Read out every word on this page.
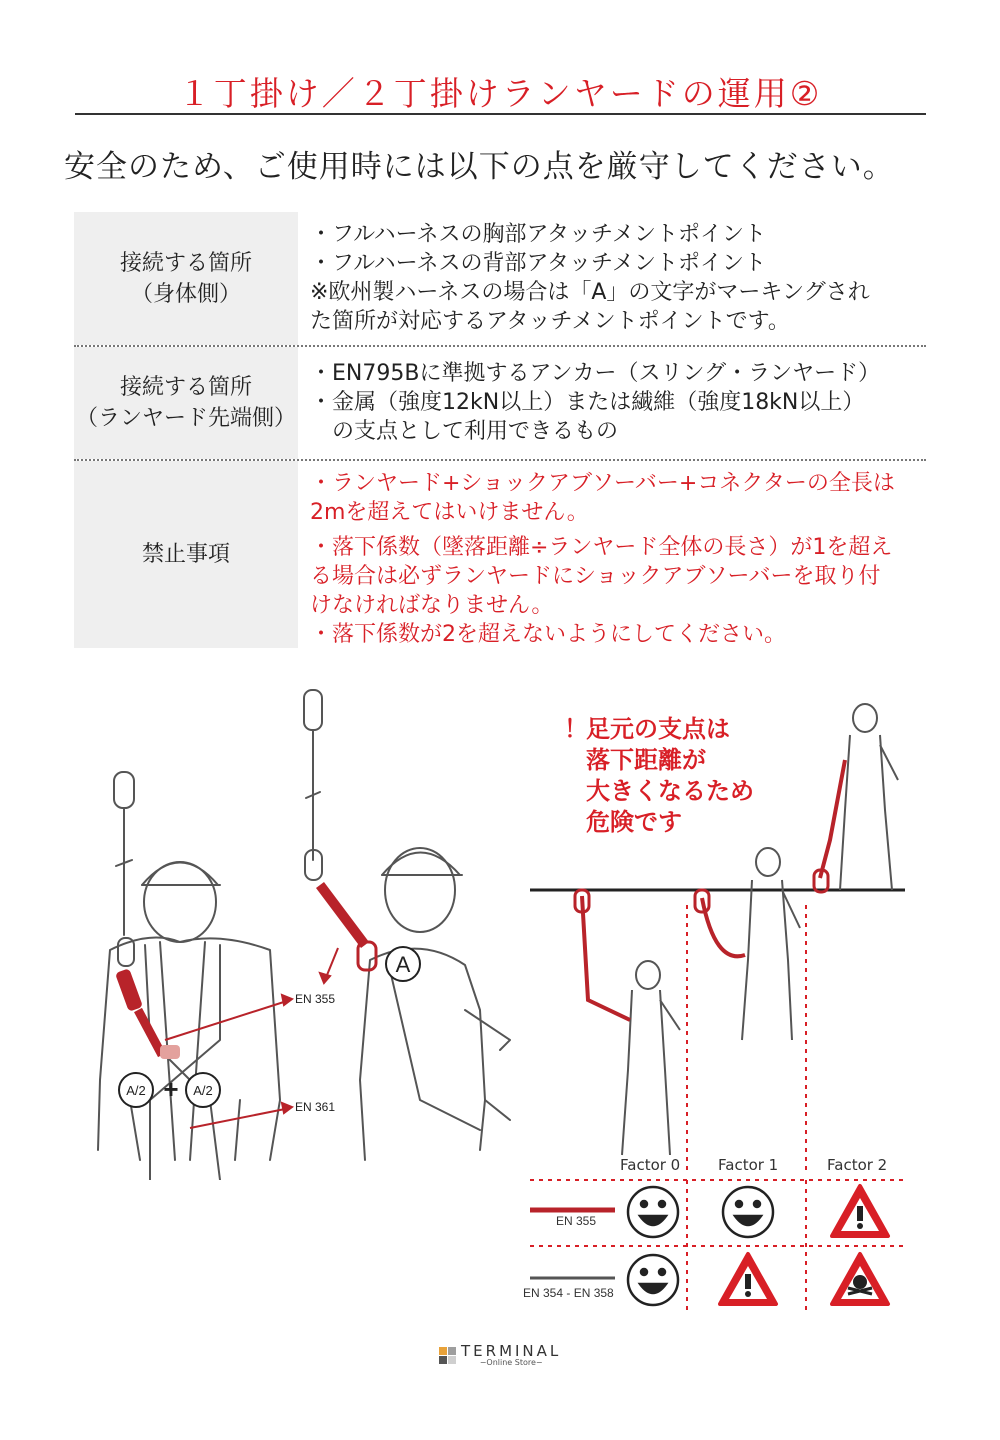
１丁掛け／２丁掛けランヤードの運用②
安全のため、ご使用時には以下の点を厳守してください。
接続する箇所
（身体側）
・フルハーネスの胸部アタッチメントポイント
・フルハーネスの背部アタッチメントポイント
※欧州製ハーネスの場合は「A」の文字がマーキングされ
た箇所が対応するアタッチメントポイントです。
接続する箇所
（ランヤード先端側）
・EN795Bに準拠するアンカー（スリング・ランヤード）
・金属（強度12kN以上）または繊維（強度18kN以上）
　の支点として利用できるもの
禁止事項
・ランヤード+ショックアブソーバー+コネクターの全長は
2mを超えてはいけません。
・落下係数（墜落距離÷ランヤード全体の長さ）が1を超え
る場合は必ずランヤードにショックアブソーバーを取り付
けなければなりません。
・落下係数が2を超えないようにしてください。
A
A/2 + A/2
EN 355
EN 361
！
足元の支点は
落下距離が
大きくなるため
危険です
Factor 0	Factor 1	Factor 2
EN 355
EN 354 - EN 358
TERMINAL
−Online Store−
